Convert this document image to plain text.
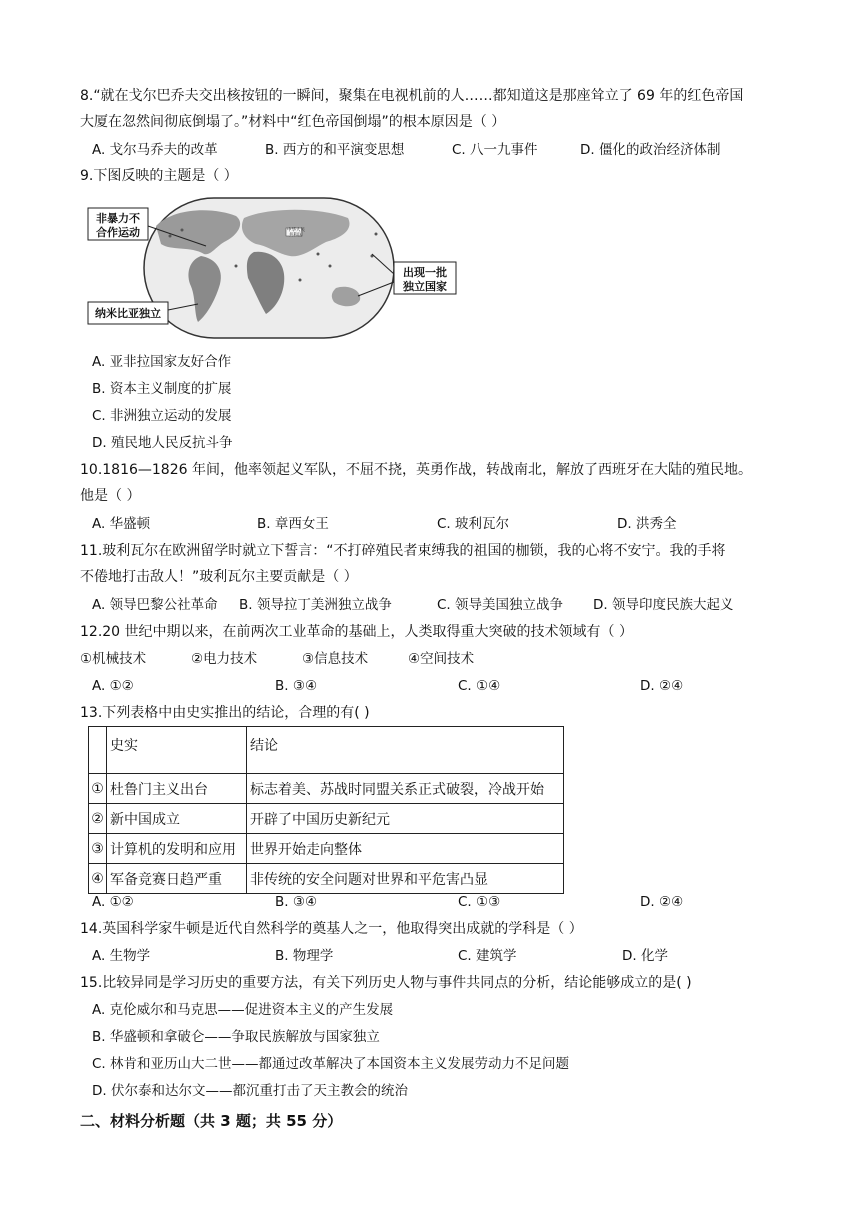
8.“就在戈尔巴乔夫交出核按钮的一瞬间，聚集在电视机前的人……都知道这是那座耸立了 69 年的红色帝国
大厦在忽然间彻底倒塌了。”材料中“红色帝国倒塌”的根本原因是（ ）
A. 戈尔马乔夫的改革	B. 西方的和平演变思想	C. 八一九事件	D. 僵化的政治经济体制
9.下图反映的主题是（ ）
中华人民
共和国
非暴力不
合作运动
出现一批
独立国家
纳米比亚独立
A. 亚非拉国家友好合作
B. 资本主义制度的扩展
C. 非洲独立运动的发展
D. 殖民地人民反抗斗争
10.1816—1826 年间，他率领起义军队，不屈不挠，英勇作战，转战南北，解放了西班牙在大陆的殖民地。
他是（ ）
A. 华盛顿	B. 章西女王	C. 玻利瓦尔	D. 洪秀全
11.玻利瓦尔在欧洲留学时就立下誓言：“不打碎殖民者束缚我的祖国的枷锁，我的心将不安宁。我的手将
不倦地打击敌人！”玻利瓦尔主要贡献是（ ）
A. 领导巴黎公社革命 B. 领导拉丁美洲独立战争	C. 领导美国独立战争 D. 领导印度民族大起义
12.20 世纪中期以来，在前两次工业革命的基础上，人类取得重大突破的技术领域有（ ）
①机械技术	②电力技术	③信息技术	④空间技术
A. ①②	B. ③④	C. ①④	D. ②④
13.下列表格中由史实推出的结论，合理的有( )
	史实	结论
①	杜鲁门主义出台	标志着美、苏战时同盟关系正式破裂，冷战开始
②	新中国成立	开辟了中国历史新纪元
③	计算机的发明和应用	世界开始走向整体
④	军备竞赛日趋严重	非传统的安全问题对世界和平危害凸显
A. ①②	B. ③④	C. ①③	D. ②④
14.英国科学家牛顿是近代自然科学的奠基人之一，他取得突出成就的学科是（ ）
A. 生物学	B. 物理学	C. 建筑学	D. 化学
15.比较异同是学习历史的重要方法，有关下列历史人物与事件共同点的分析，结论能够成立的是( )
A. 克伦威尔和马克思——促进资本主义的产生发展
B. 华盛顿和拿破仑——争取民族解放与国家独立
C. 林肯和亚历山大二世——都通过改革解决了本国资本主义发展劳动力不足问题
D. 伏尔泰和达尔文——都沉重打击了天主教会的统治
二、材料分析题（共 3 题；共 55 分）
